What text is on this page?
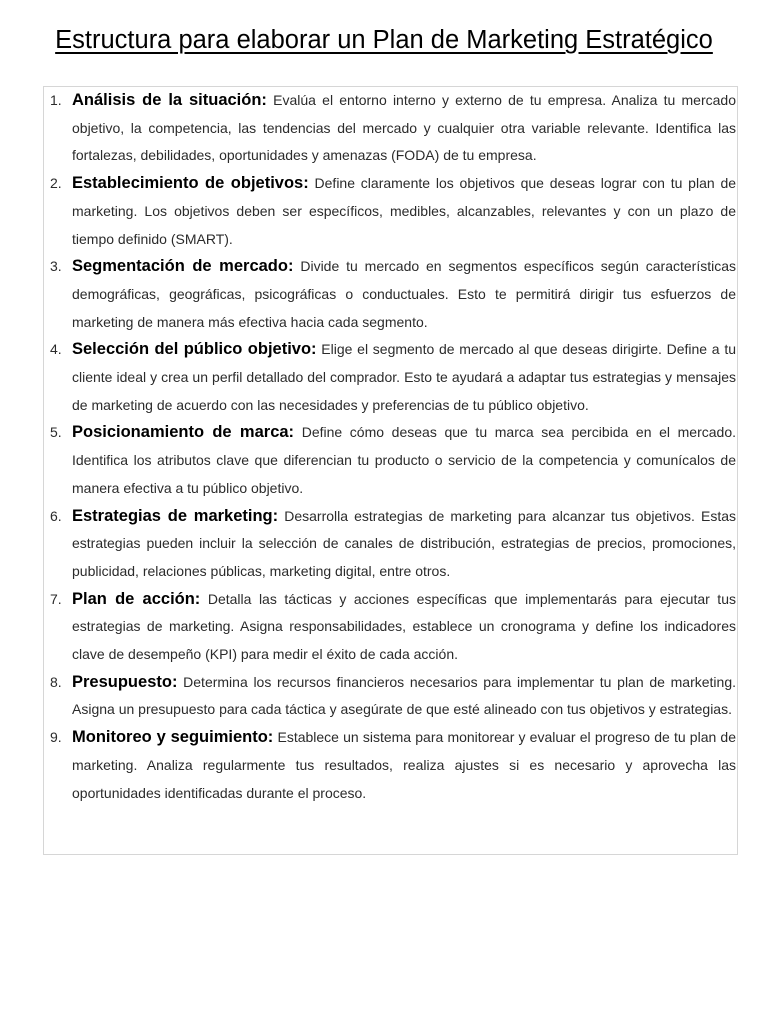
Estructura para elaborar un Plan de Marketing Estratégico
1. Análisis de la situación: Evalúa el entorno interno y externo de tu empresa. Analiza tu mercado objetivo, la competencia, las tendencias del mercado y cualquier otra variable relevante. Identifica las fortalezas, debilidades, oportunidades y amenazas (FODA) de tu empresa.
2. Establecimiento de objetivos: Define claramente los objetivos que deseas lograr con tu plan de marketing. Los objetivos deben ser específicos, medibles, alcanzables, relevantes y con un plazo de tiempo definido (SMART).
3. Segmentación de mercado: Divide tu mercado en segmentos específicos según características demográficas, geográficas, psicográficas o conductuales. Esto te permitirá dirigir tus esfuerzos de marketing de manera más efectiva hacia cada segmento.
4. Selección del público objetivo: Elige el segmento de mercado al que deseas dirigirte. Define a tu cliente ideal y crea un perfil detallado del comprador. Esto te ayudará a adaptar tus estrategias y mensajes de marketing de acuerdo con las necesidades y preferencias de tu público objetivo.
5. Posicionamiento de marca: Define cómo deseas que tu marca sea percibida en el mercado. Identifica los atributos clave que diferencian tu producto o servicio de la competencia y comunícalos de manera efectiva a tu público objetivo.
6. Estrategias de marketing: Desarrolla estrategias de marketing para alcanzar tus objetivos. Estas estrategias pueden incluir la selección de canales de distribución, estrategias de precios, promociones, publicidad, relaciones públicas, marketing digital, entre otros.
7. Plan de acción: Detalla las tácticas y acciones específicas que implementarás para ejecutar tus estrategias de marketing. Asigna responsabilidades, establece un cronograma y define los indicadores clave de desempeño (KPI) para medir el éxito de cada acción.
8. Presupuesto: Determina los recursos financieros necesarios para implementar tu plan de marketing. Asigna un presupuesto para cada táctica y asegúrate de que esté alineado con tus objetivos y estrategias.
9. Monitoreo y seguimiento: Establece un sistema para monitorear y evaluar el progreso de tu plan de marketing. Analiza regularmente tus resultados, realiza ajustes si es necesario y aprovecha las oportunidades identificadas durante el proceso.
